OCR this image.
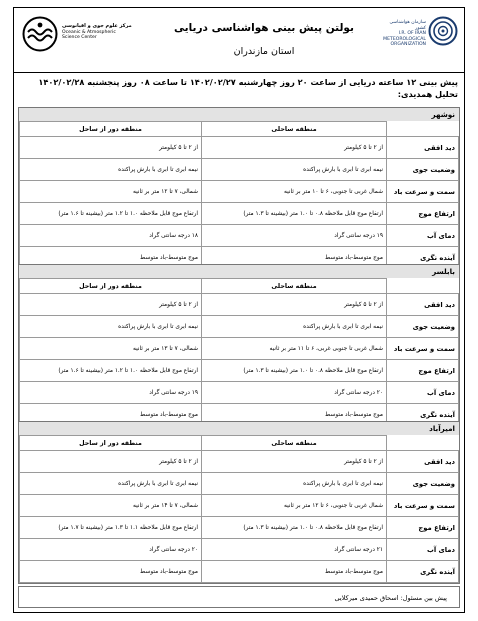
مرکز علوم جوی و اقیانوسی
Oceanic & Atmospheric
Science Center
بولتن پیش بینی هواشناسی دریایی
استان مازندران
سازمان هواشناسی کشور
I.R. OF IRAN
METEOROLOGICAL
ORGANIZATION
پیش بینی ۱۲ ساعته دریایی از ساعت ۲۰ روز چهارشنبه ۱۴۰۲/۰۲/۲۷ تا ساعت ۰۸ روز پنجشنبه ۱۴۰۲/۰۲/۲۸
تحلیل همدیدی:
نوشهر
	منطقه ساحلی	منطقه دور از ساحل
دید افقی	از ۲ تا ۵ کیلومتر	از ۲ تا ۵ کیلومتر
وضعیت جوی	نیمه ابری تا ابری با بارش پراکنده	نیمه ابری تا ابری با بارش پراکنده
سمت و سرعت باد	شمال غربی تا جنوبی، ۶ تا ۱۰ متر بر ثانیه	شمالی، ۷ تا ۱۲ متر بر ثانیه
ارتفاع موج	ارتفاع موج قابل ملاحظه ۰.۸ تا ۱.۰ متر (بیشینه تا ۱.۳ متر)	ارتفاع موج قابل ملاحظه ۱.۰ تا ۱.۲ متر (بیشینه تا ۱.۶ متر)
دمای آب	۱۹ درجه سانتی گراد	۱۸ درجه سانتی گراد
آینده نگری	موج متوسط-باد متوسط	موج متوسط-باد متوسط
بابلسر
	منطقه ساحلی	منطقه دور از ساحل
دید افقی	از ۲ تا ۵ کیلومتر	از ۲ تا ۵ کیلومتر
وضعیت جوی	نیمه ابری تا ابری با بارش پراکنده	نیمه ابری تا ابری با بارش پراکنده
سمت و سرعت باد	شمال غربی تا جنوبی غربی، ۶ تا ۱۱ متر بر ثانیه	شمالی، ۷ تا ۱۳ متر بر ثانیه
ارتفاع موج	ارتفاع موج قابل ملاحظه ۰.۸ تا ۱.۰ متر (بیشینه تا ۱.۳ متر)	ارتفاع موج قابل ملاحظه ۱.۰ تا ۱.۲ متر (بیشینه تا ۱.۶ متر)
دمای آب	۲۰ درجه سانتی گراد	۱۹ درجه سانتی گراد
آینده نگری	موج متوسط-باد متوسط	موج متوسط-باد متوسط
امیرآباد
	منطقه ساحلی	منطقه دور از ساحل
دید افقی	از ۲ تا ۵ کیلومتر	از ۲ تا ۵ کیلومتر
وضعیت جوی	نیمه ابری تا ابری با بارش پراکنده	نیمه ابری تا ابری با بارش پراکنده
سمت و سرعت باد	شمال غربی تا جنوبی، ۶ تا ۱۲ متر بر ثانیه	شمالی، ۷ تا ۱۴ متر بر ثانیه
ارتفاع موج	ارتفاع موج قابل ملاحظه ۰.۸ تا ۱.۰ متر (بیشینه تا ۱.۳ متر)	ارتفاع موج قابل ملاحظه ۱.۱ تا ۱.۳ متر (بیشینه تا ۱.۷ متر)
دمای آب	۲۱ درجه سانتی گراد	۲۰ درجه سانتی گراد
آینده نگری	موج متوسط-باد متوسط	موج متوسط-باد متوسط
پیش بین مسئول: اسحاق حمیدی میرکلایی
